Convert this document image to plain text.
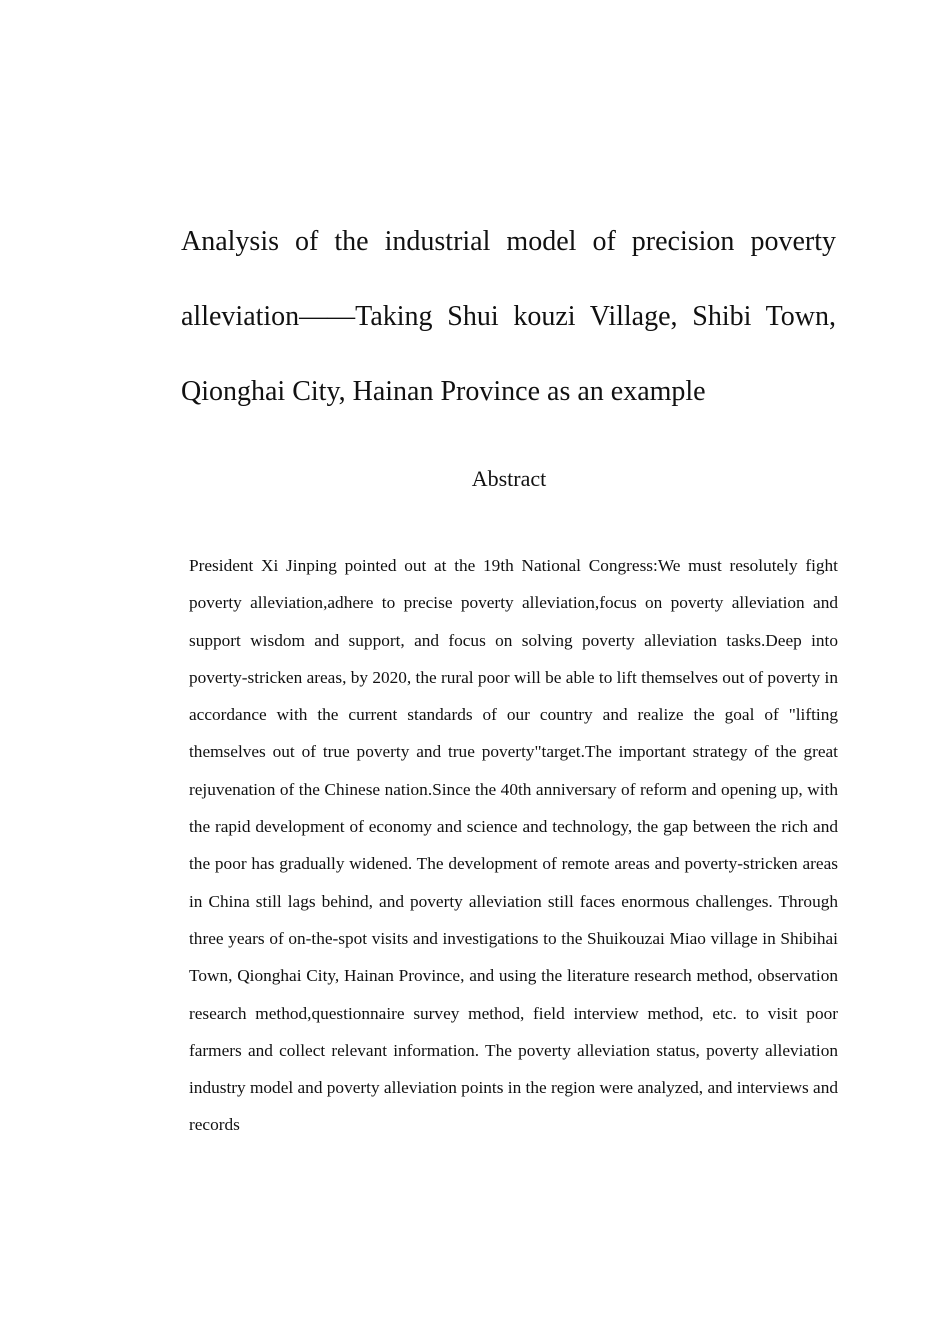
Analysis of the industrial model of precision poverty alleviation——Taking Shui kouzi Village, Shibi Town, Qionghai City, Hainan Province as an example
Abstract

President Xi Jinping pointed out at the 19th National Congress:We must resolutely fight poverty alleviation,adhere to precise poverty alleviation,focus on poverty alleviation and support wisdom and support, and focus on solving poverty alleviation tasks.Deep into poverty-stricken areas, by 2020, the rural poor will be able to lift themselves out of poverty in accordance with the current standards of our country and realize the goal of "lifting themselves out of true poverty and true poverty"target.The important strategy of the great rejuvenation of the Chinese nation.Since the 40th anniversary of reform and opening up, with the rapid development of economy and science and technology, the gap between the rich and the poor has gradually widened. The development of remote areas and poverty-stricken areas in China still lags behind, and poverty alleviation still faces enormous challenges. Through three years of on-the-spot visits and investigations to the Shuikouzai Miao village in Shibihai Town, Qionghai City, Hainan Province, and using the literature research method, observation research method,questionnaire survey method, field interview method, etc. to visit poor farmers and collect relevant information. The poverty alleviation status, poverty alleviation industry model and poverty alleviation points in the region were analyzed, and interviews and records
